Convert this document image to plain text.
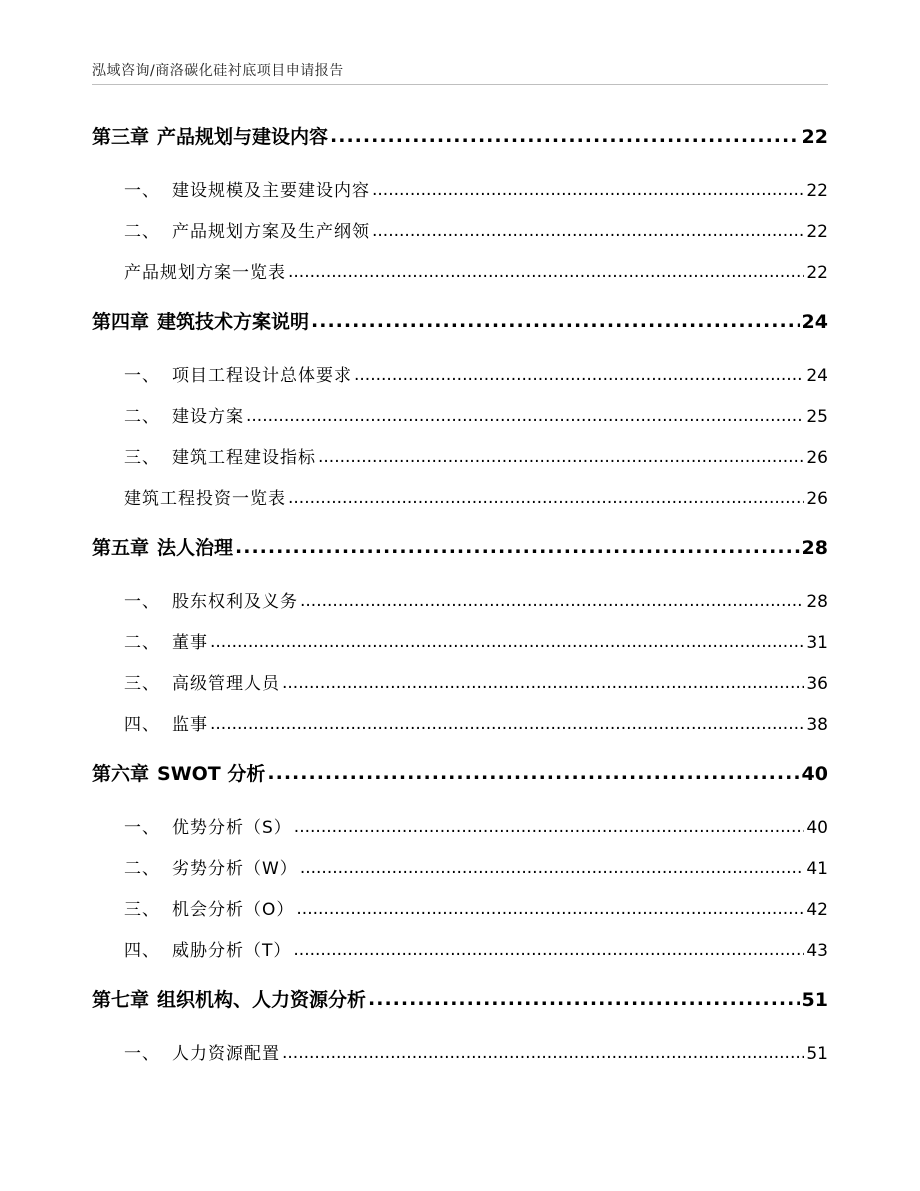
泓域咨询/商洛碳化硅衬底项目申请报告
第三章 产品规划与建设内容 .....	22
一、 建设规模及主要建设内容 .....	22
二、 产品规划方案及生产纲领 .....	22
产品规划方案一览表 .....	22
第四章 建筑技术方案说明 .....	24
一、 项目工程设计总体要求 .....	24
二、 建设方案 .....	25
三、 建筑工程建设指标 .....	26
建筑工程投资一览表 .....	26
第五章 法人治理 .....	28
一、 股东权利及义务 .....	28
二、 董事 .....	31
三、 高级管理人员 .....	36
四、 监事 .....	38
第六章 SWOT 分析 .....	40
一、 优势分析（S） .....	40
二、 劣势分析（W） .....	41
三、 机会分析（O） .....	42
四、 威胁分析（T） .....	43
第七章 组织机构、人力资源分析 .....	51
一、 人力资源配置 .....	51
